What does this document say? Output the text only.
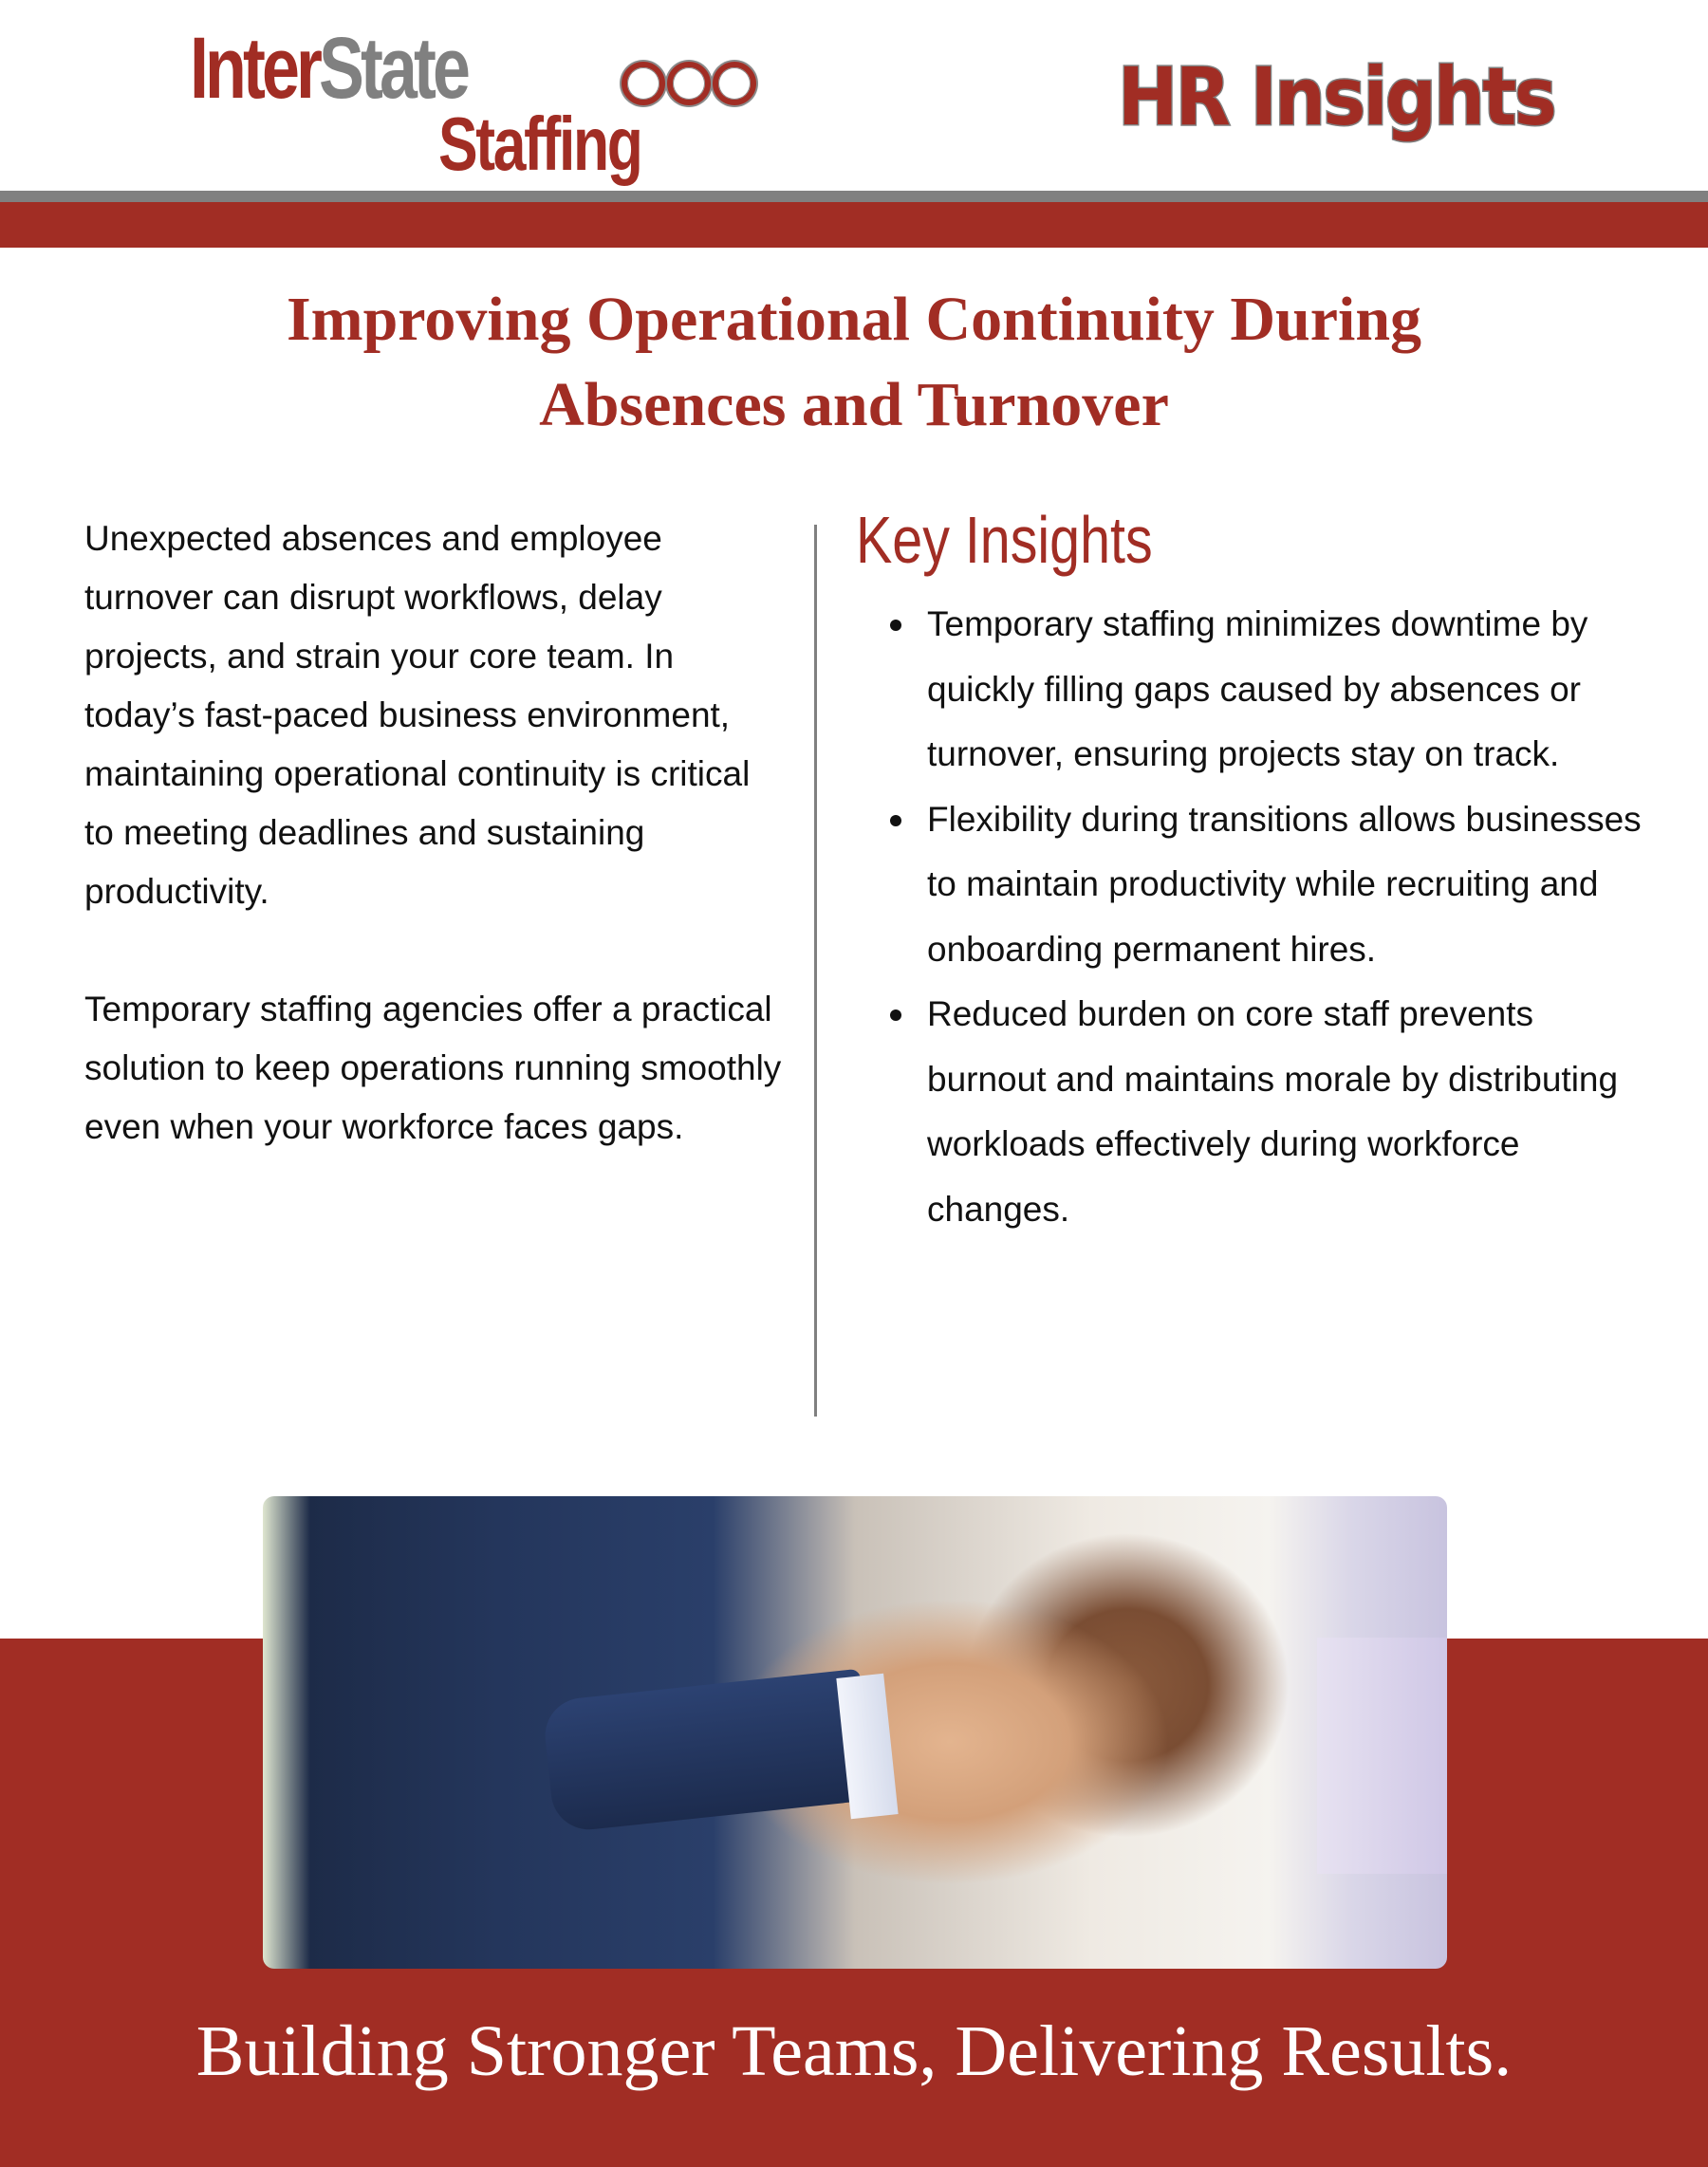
InterState
Staffing
HR Insights
Improving Operational Continuity During Absences and Turnover

Unexpected absences and employee turnover can disrupt workflows, delay projects, and strain your core team. In today’s fast-paced business environment, maintaining operational continuity is critical to meeting deadlines and sustaining productivity.

Temporary staffing agencies offer a practical solution to keep operations running smoothly even when your workforce faces gaps.

Key Insights
Temporary staffing minimizes downtime by quickly filling gaps caused by absences or turnover, ensuring projects stay on track.
Flexibility during transitions allows businesses to maintain productivity while recruiting and onboarding permanent hires.
Reduced burden on core staff prevents burnout and maintains morale by distributing workloads effectively during workforce changes.
Building Stronger Teams, Delivering Results.
